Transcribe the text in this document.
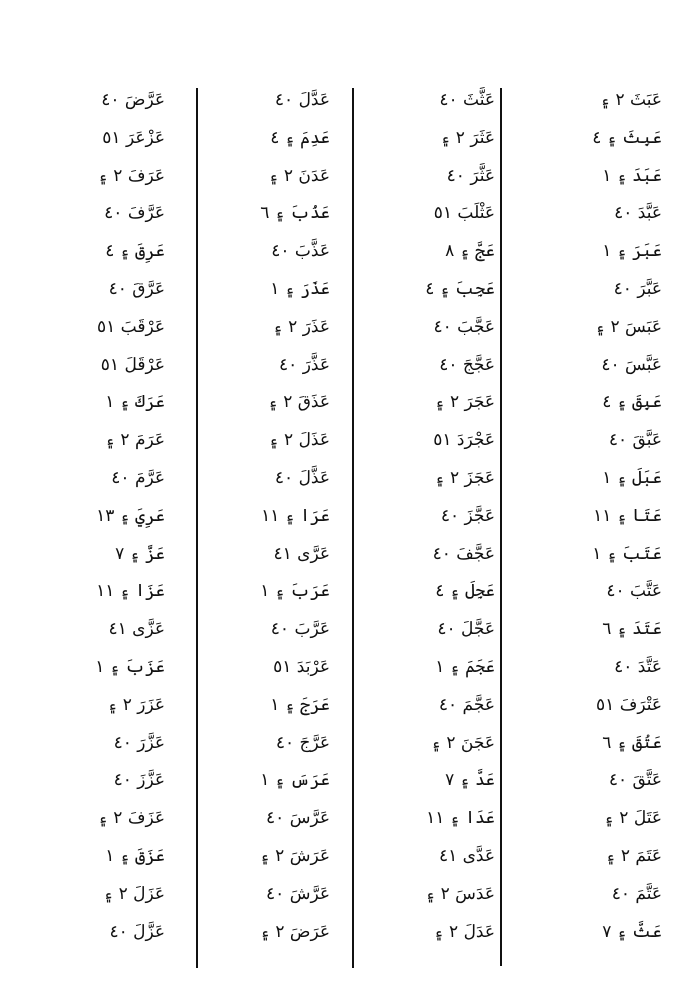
عَبَثَ ۲ ۽
عَبِثَ ۽ ٤
عَبَدَ ۽ ١
عَبَّدَ ٤٠
عَبَرَ ۽ ١
عَبَّرَ ٤٠
عَبَسَ ۲ ۽
عَبَّسَ ٤٠
عَبِقَ ۽ ٤
عَبَّقَ ٤٠
عَبَلَ ۽ ١
عَتَا ۽ ١١
عَتَبَ ۽ ١
عَتَّبَ ٤٠
عَتَدَ ۽ ٦
عَتَّدَ ٤٠
عَتْرَفَ ٥١
عَتُقَ ۽ ٦
عَتَّقَ ٤٠
عَتَلَ ۲ ۽
عَتَمَ ۲ ۽
عَتَّمَ ٤٠
عَثَّ ۽ ٧
عَثَّثَ ٤٠
عَثَرَ ۲ ۽
عَثَّرَ ٤٠
عَثْلَبَ ٥١
عَجَّ ۽ ٨
عَجِبَ ۽ ٤
عَجَّبَ ٤٠
عَجَّجَ ٤٠
عَجَرَ ۲ ۽
عَجْرَدَ ٥١
عَجَزَ ۲ ۽
عَجَّزَ ٤٠
عَجَّفَ ٤٠
عَجِلَ ۽ ٤
عَجَّلَ ٤٠
عَجَمَ ۽ ١
عَجَّمَ ٤٠
عَجَنَ ۲ ۽
عَدَّ ۽ ٧
عَدَا ۽ ١١
عَدَّى ٤١
عَدَسَ ۲ ۽
عَدَلَ ۲ ۽
عَدَّلَ ٤٠
عَدِمَ ۽ ٤
عَدَنَ ۲ ۽
عَذُبَ ۽ ٦
عَذَّبَ ٤٠
عَذَرَ ۽ ١
عَذَرَ ۲ ۽
عَذَّرَ ٤٠
عَذَقَ ۲ ۽
عَذَلَ ۲ ۽
عَذَّلَ ٤٠
عَرَا ۽ ١١
عَرَّى ٤١
عَرَبَ ۽ ١
عَرَّبَ ٤٠
عَرْبَدَ ٥١
عَرَجَ ۽ ١
عَرَّجَ ٤٠
عَرَسَ ۽ ١
عَرَّسَ ٤٠
عَرَشَ ۲ ۽
عَرَّشَ ٤٠
عَرَضَ ۲ ۽
عَرَّضَ ٤٠
عَزْعَرَ ٥١
عَرَفَ ۲ ۽
عَرَّفَ ٤٠
عَرِقَ ۽ ٤
عَرَّقَ ٤٠
عَرْقَبَ ٥١
عَرْقَلَ ٥١
عَرَكَ ۽ ١
عَرَمَ ۲ ۽
عَرَّمَ ٤٠
عَرِيَ ۽ ١٣
عَزَّ ۽ ٧
عَزَا ۽ ١١
عَزَّى ٤١
عَزَبَ ۽ ١
عَزَرَ ۲ ۽
عَزَّرَ ٤٠
عَزَّزَ ٤٠
عَزَفَ ۲ ۽
عَزَقَ ۽ ١
عَزَلَ ۲ ۽
عَزَّلَ ٤٠
